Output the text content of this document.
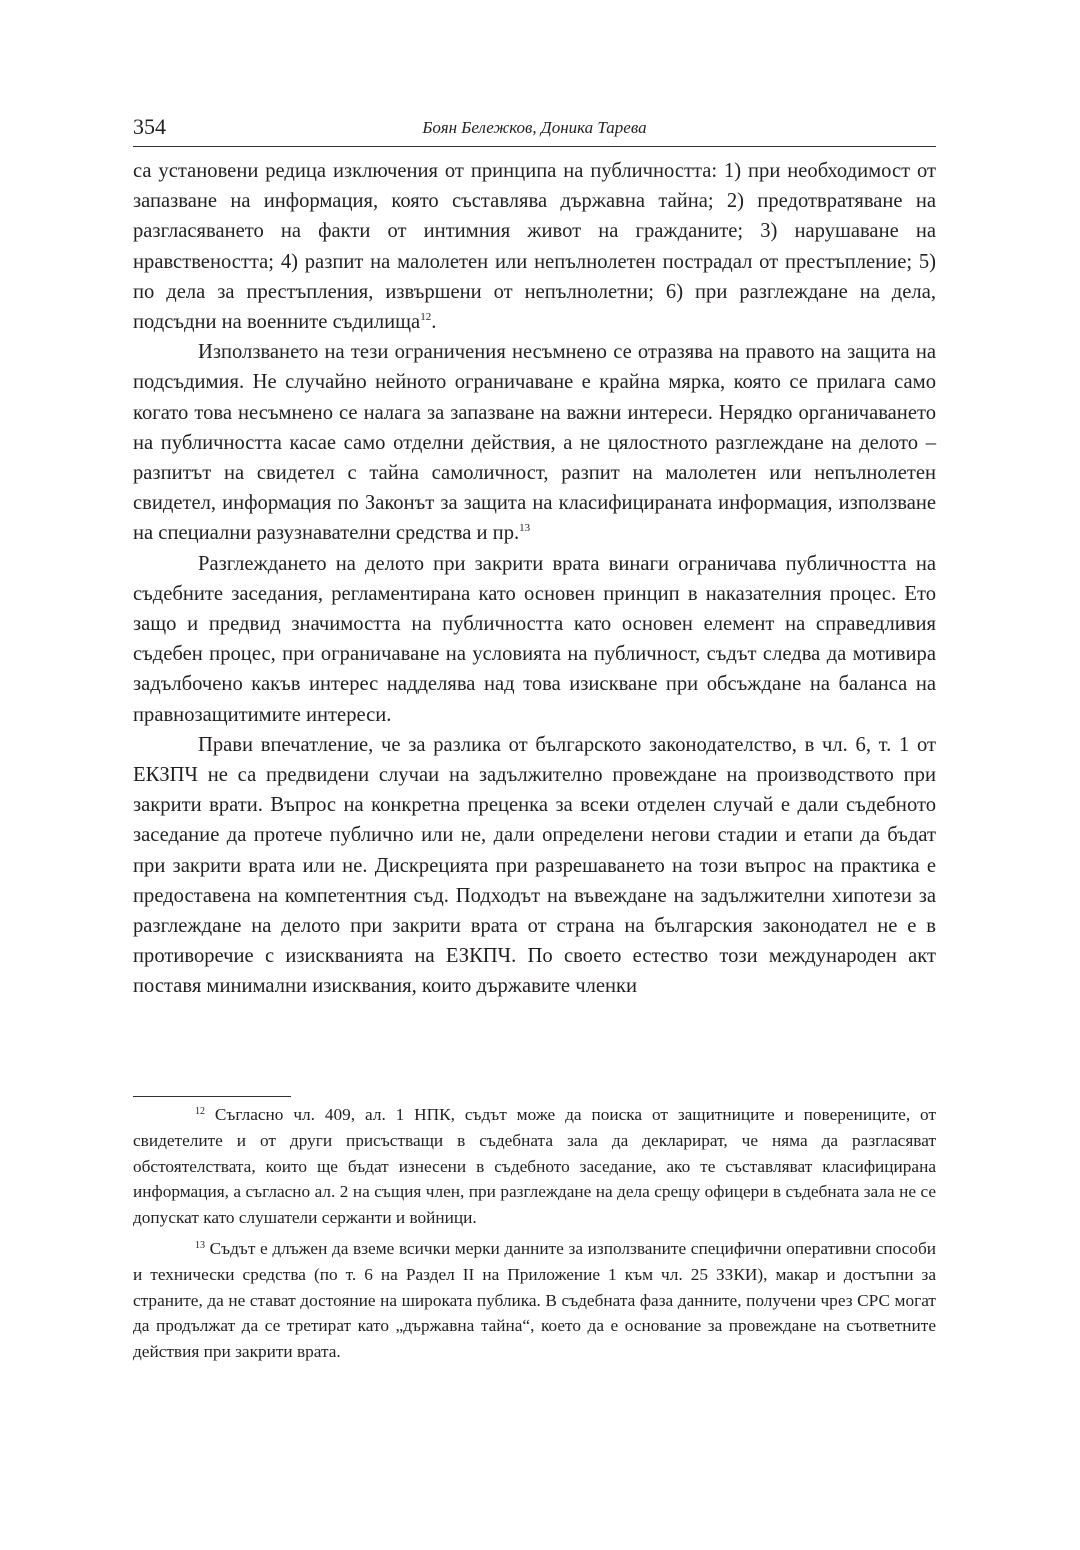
354	Боян Бележков, Доника Тарева

са установени редица изключения от принципа на публичността: 1) при необходимост от запазване на информация, която съставлява държавна тайна; 2) предотвратяване на разгласяването на факти от интимния живот на гражданите; 3) нарушаване на нравствеността; 4) разпит на малолетен или непълнолетен пострадал от престъпление; 5) по дела за престъпления, извършени от непълнолетни; 6) при разглеждане на дела, подсъдни на военните съдилища$^{12}$.

Използването на тези ограничения несъмнено се отразява на правото на защита на подсъдимия. Не случайно нейното ограничаване е крайна мярка, която се прилага само когато това несъмнено се налага за запазване на важни интереси. Нерядко органичаването на публичността касае само отделни действия, а не цялостното разглеждане на делото – разпитът на свидетел с тайна самоличност, разпит на малолетен или непълнолетен свидетел, информация по Законът за защита на класифицираната информация, използване на специални разузнавателни средства и пр.$^{13}$

Разглеждането на делото при закрити врата винаги ограничава публичността на съдебните заседания, регламентирана като основен принцип в наказателния процес. Ето защо и предвид значимостта на публичността като основен елемент на справедливия съдебен процес, при ограничаване на условията на публичност, съдът следва да мотивира задълбочено какъв интерес надделява над това изискване при обсъждане на баланса на правнозащитимите интереси.

Прави впечатление, че за разлика от българското законодателство, в чл. 6, т. 1 от ЕКЗПЧ не са предвидени случаи на задължително провеждане на производството при закрити врати. Въпрос на конкретна преценка за всеки отделен случай е дали съдебното заседание да протече публично или не, дали определени негови стадии и етапи да бъдат при закрити врата или не. Дискрецията при разрешаването на този въпрос на практика е предоставена на компетентния съд. Подходът на въвеждане на задължителни хипотези за разглеждане на делото при закрити врата от страна на българския законодател не е в противоречие с изискванията на ЕЗКПЧ. По своето естество този международен акт поставя минимални изисквания, които държавите членки

$^{12}$ Съгласно чл. 409, ал. 1 НПК, съдът може да поиска от защитниците и поверениците, от свидетелите и от други присъстващи в съдебната зала да декларират, че няма да разгласяват обстоятелствата, които ще бъдат изнесени в съдебното заседание, ако те съставляват класифицирана информация, а съгласно ал. 2 на същия член, при разглеждане на дела срещу офицери в съдебната зала не се допускат като слушатели сержанти и войници.

$^{13}$ Съдът е длъжен да вземе всички мерки данните за използваните специфични оперативни способи и технически средства (по т. 6 на Раздел II на Приложение 1 към чл. 25 ЗЗКИ), макар и достъпни за страните, да не стават достояние на широката публика. В съдебната фаза данните, получени чрез СРС могат да продължат да се третират като „държавна тайна“, което да е основание за провеждане на съответните действия при закрити врата.
